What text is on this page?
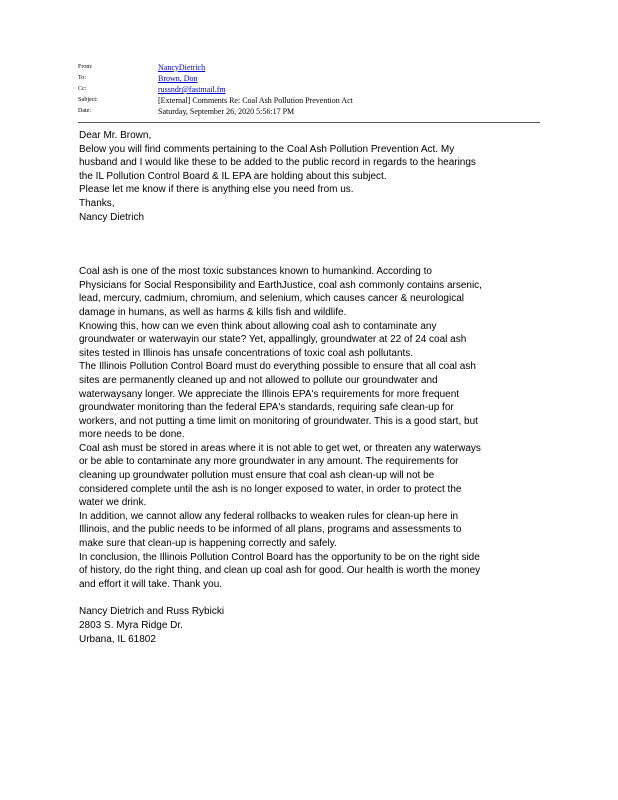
From:	NancyDietrich
To:	Brown, Don
Cc:	russndr@fastmail.fm
Subject:	[External] Comments Re: Coal Ash Pollution Prevention Act
Date:	Saturday, September 26, 2020 5:56:17 PM
Dear Mr. Brown,
Below you will find comments pertaining to the Coal Ash Pollution Prevention Act. My
husband and I would like these to be added to the public record in regards to the hearings
the IL Pollution Control Board & IL EPA are holding about this subject.
Please let me know if there is anything else you need from us.
Thanks,
Nancy Dietrich
Coal ash is one of the most toxic substances known to humankind. According to
Physicians for Social Responsibility and EarthJustice, coal ash commonly contains arsenic,
lead, mercury, cadmium, chromium, and selenium, which causes cancer & neurological
damage in humans, as well as harms & kills fish and wildlife.
Knowing this, how can we even think about allowing coal ash to contaminate any
groundwater or waterwayin our state? Yet, appallingly, groundwater at 22 of 24 coal ash
sites tested in Illinois has unsafe concentrations of toxic coal ash pollutants.
The Illinois Pollution Control Board must do everything possible to ensure that all coal ash
sites are permanently cleaned up and not allowed to pollute our groundwater and
waterwaysany longer. We appreciate the Illinois EPA's requirements for more frequent
groundwater monitoring than the federal EPA's standards, requiring safe clean-up for
workers, and not putting a time limit on monitoring of groundwater. This is a good start, but
more needs to be done.
Coal ash must be stored in areas where it is not able to get wet, or threaten any waterways
or be able to contaminate any more groundwater in any amount. The requirements for
cleaning up groundwater pollution must ensure that coal ash clean-up will not be
considered complete until the ash is no longer exposed to water, in order to protect the
water we drink.
In addition, we cannot allow any federal rollbacks to weaken rules for clean-up here in
Illinois, and the public needs to be informed of all plans, programs and assessments to
make sure that clean-up is happening correctly and safely.
In conclusion, the Illinois Pollution Control Board has the opportunity to be on the right side
of history, do the right thing, and clean up coal ash for good. Our health is worth the money
and effort it will take. Thank you.
Nancy Dietrich and Russ Rybicki
2803 S. Myra Ridge Dr.
Urbana, IL 61802
